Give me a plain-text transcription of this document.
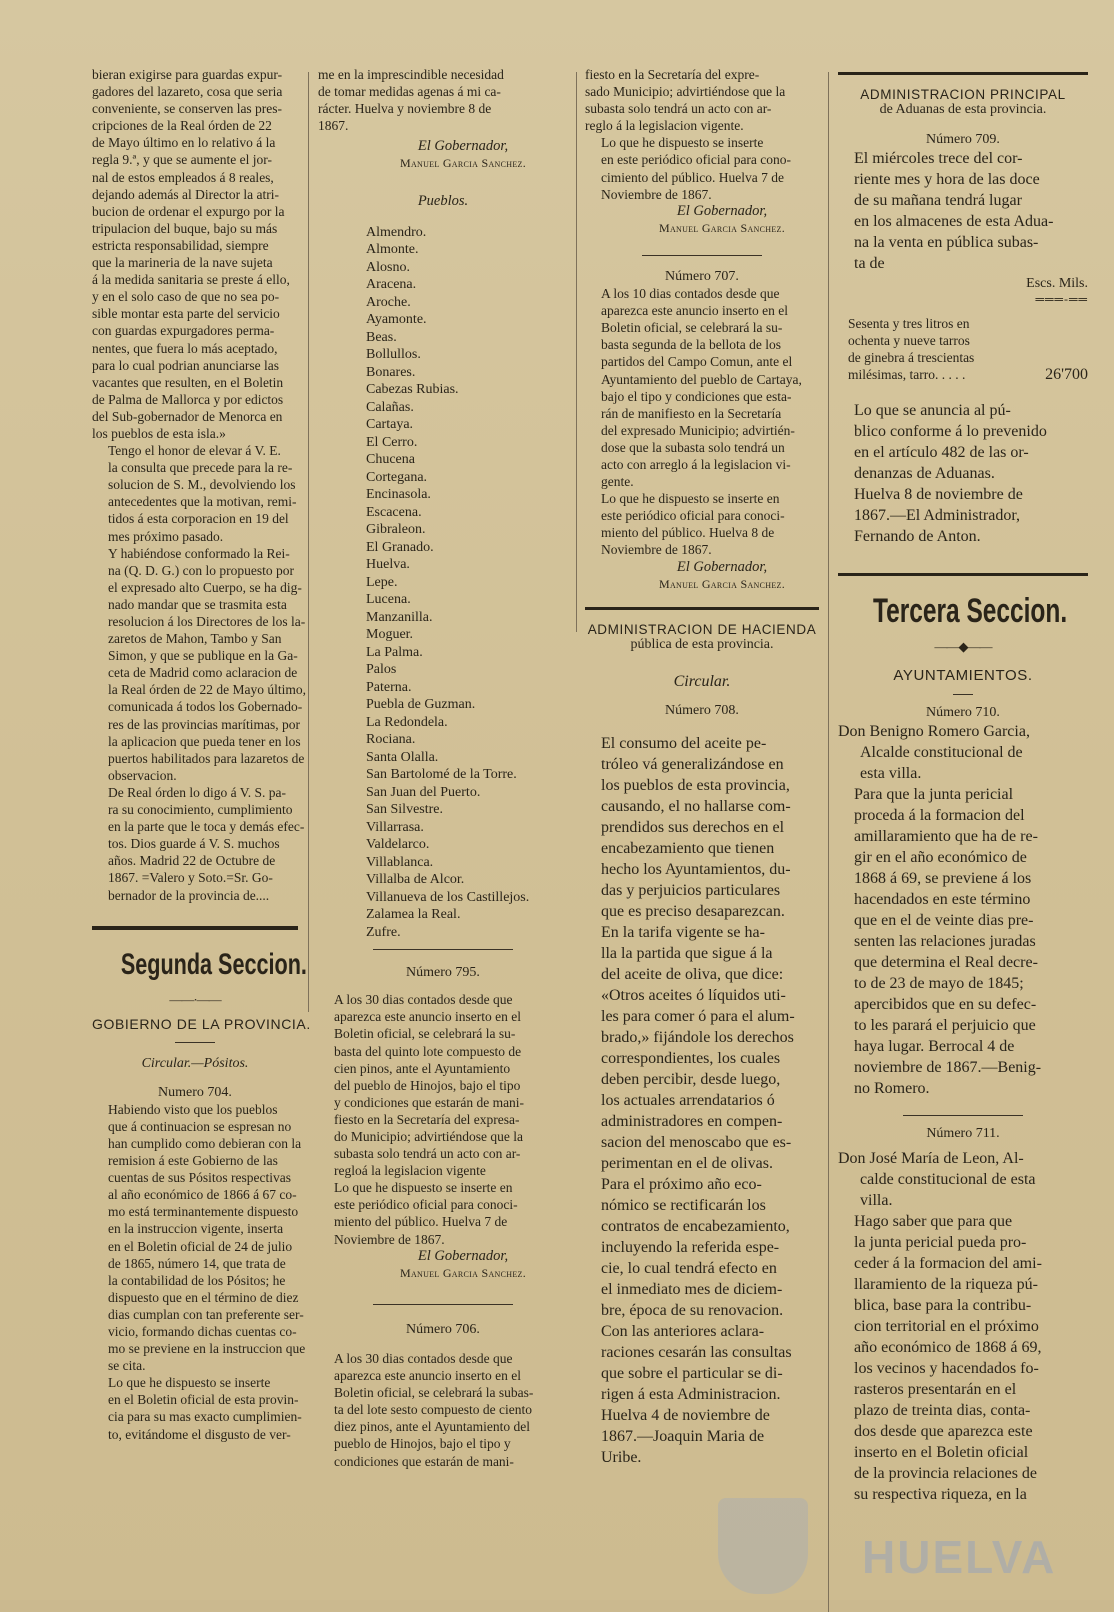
bieran exigirse para guardas expur-
gadores del lazareto, cosa que seria
conveniente, se conserven las pres-
cripciones de la Real órden de 22
de Mayo último en lo relativo á la
regla 9.ª, y que se aumente el jor-
nal de estos empleados á 8 reales,
dejando además al Director la atri-
bucion de ordenar el expurgo por la
tripulacion del buque, bajo su más
estricta responsabilidad, siempre
que la marineria de la nave sujeta
á la medida sanitaria se preste á ello,
y en el solo caso de que no sea po-
sible montar esta parte del servicio
con guardas expurgadores perma-
nentes, que fuera lo más aceptado,
para lo cual podrian anunciarse las
vacantes que resulten, en el Boletin
de Palma de Mallorca y por edictos
del Sub-gobernador de Menorca en
los pueblos de esta isla.»

Tengo el honor de elevar á V. E.
la consulta que precede para la re-
solucion de S. M., devolviendo los
antecedentes que la motivan, remi-
tidos á esta corporacion en 19 del
mes próximo pasado.

Y habiéndose conformado la Rei-
na (Q. D. G.) con lo propuesto por
el expresado alto Cuerpo, se ha dig-
nado mandar que se trasmita esta
resolucion á los Directores de los la-
zaretos de Mahon, Tambo y San
Simon, y que se publique en la Ga-
ceta de Madrid como aclaracion de
la Real órden de 22 de Mayo último,
comunicada á todos los Gobernado-
res de las provincias marítimas, por
la aplicacion que pueda tener en los
puertos habilitados para lazaretos de
observacion.

De Real órden lo digo á V. S. pa-
ra su conocimiento, cumplimiento
en la parte que le toca y demás efec-
tos. Dios guarde á V. S. muchos
años. Madrid 22 de Octubre de
1867. =Valero y Soto.=Sr. Go-
bernador de la provincia de....

Segunda Seccion.
——·——
GOBIERNO DE LA PROVINCIA.

Circular.—Pósitos.

Numero 704.

Habiendo visto que los pueblos
que á continuacion se espresan no
han cumplido como debieran con la
remision á este Gobierno de las
cuentas de sus Pósitos respectivas
al año económico de 1866 á 67 co-
mo está terminantemente dispuesto
en la instruccion vigente, inserta
en el Boletin oficial de 24 de julio
de 1865, número 14, que trata de
la contabilidad de los Pósitos; he
dispuesto que en el término de diez
dias cumplan con tan preferente ser-
vicio, formando dichas cuentas co-
mo se previene en la instruccion que
se cita.

Lo que he dispuesto se inserte
en el Boletin oficial de esta provin-
cia para su mas exacto cumplimien-
to, evitándome el disgusto de ver-

me en la imprescindible necesidad
de tomar medidas agenas á mi ca-
rácter. Huelva y noviembre 8 de
1867.

El Gobernador,

Manuel Garcia Sanchez.

Pueblos.

Almendro.
Almonte.
Alosno.
Aracena.
Aroche.
Ayamonte.
Beas.
Bollullos.
Bonares.
Cabezas Rubias.
Calañas.
Cartaya.
El Cerro.
Chucena
Cortegana.
Encinasola.
Escacena.
Gibraleon.
El Granado.
Huelva.
Lepe.
Lucena.
Manzanilla.
Moguer.
La Palma.
Palos
Paterna.
Puebla de Guzman.
La Redondela.
Rociana.
Santa Olalla.
San Bartolomé de la Torre.
San Juan del Puerto.
San Silvestre.
Villarrasa.
Valdelarco.
Villablanca.
Villalba de Alcor.
Villanueva de los Castillejos.
Zalamea la Real.
Zufre.

Número 795.

A los 30 dias contados desde que
aparezca este anuncio inserto en el
Boletin oficial, se celebrará la su-
basta del quinto lote compuesto de
cien pinos, ante el Ayuntamiento
del pueblo de Hinojos, bajo el tipo
y condiciones que estarán de mani-
fiesto en la Secretaría del expresa-
do Municipio; advirtiéndose que la
subasta solo tendrá un acto con ar-
regloá la legislacion vigente

Lo que he dispuesto se inserte en
este periódico oficial para conoci-
miento del público. Huelva 7 de
Noviembre de 1867.

El Gobernador,

Manuel Garcia Sanchez.

Número 706.

A los 30 dias contados desde que
aparezca este anuncio inserto en el
Boletin oficial, se celebrará la subas-
ta del lote sesto compuesto de ciento
diez pinos, ante el Ayuntamiento del
pueblo de Hinojos, bajo el tipo y
condiciones que estarán de mani-

fiesto en la Secretaría del expre-
sado Municipio; advirtiéndose que la
subasta solo tendrá un acto con ar-
reglo á la legislacion vigente.

Lo que he dispuesto se inserte
en este periódico oficial para cono-
cimiento del público. Huelva 7 de
Noviembre de 1867.

El Gobernador,

Manuel Garcia Sanchez.

Número 707.

A los 10 dias contados desde que
aparezca este anuncio inserto en el
Boletin oficial, se celebrará la su-
basta segunda de la bellota de los
partidos del Campo Comun, ante el
Ayuntamiento del pueblo de Cartaya,
bajo el tipo y condiciones que esta-
rán de manifiesto en la Secretaría
del expresado Municipio; advirtién-
dose que la subasta solo tendrá un
acto con arreglo á la legislacion vi-
gente.

Lo que he dispuesto se inserte en
este periódico oficial para conoci-
miento del público. Huelva 8 de
Noviembre de 1867.

El Gobernador,

Manuel Garcia Sanchez.

ADMINISTRACION DE HACIENDA

pública de esta provincia.

Circular.

Número 708.

El consumo del aceite pe-
tróleo vá generalizándose en
los pueblos de esta provincia,
causando, el no hallarse com-
prendidos sus derechos en el
encabezamiento que tienen
hecho los Ayuntamientos, du-
das y perjuicios particulares
que es preciso desaparezcan.

En la tarifa vigente se ha-
lla la partida que sigue á la
del aceite de oliva, que dice:
«Otros aceites ó líquidos uti-
les para comer ó para el alum-
brado,» fijándole los derechos
correspondientes, los cuales
deben percibir, desde luego,
los actuales arrendatarios ó
administradores en compen-
sacion del menoscabo que es-
perimentan en el de olivas.

Para el próximo año eco-
nómico se rectificarán los
contratos de encabezamiento,
incluyendo la referida espe-
cie, lo cual tendrá efecto en
el inmediato mes de diciem-
bre, época de su renovacion.

Con las anteriores aclara-
raciones cesarán las consultas
que sobre el particular se di-
rigen á esta Administracion.

Huelva 4 de noviembre de
1867.—Joaquin Maria de
Uribe.

ADMINISTRACION PRINCIPAL

de Aduanas de esta provincia.

Número 709.

El miércoles trece del cor-
riente mes y hora de las doce
de su mañana tendrá lugar
en los almacenes de esta Adua-
na la venta en pública subas-
ta de

Escs. Mils.

═══‑══
Sesenta y tres litros en
ochenta y nueve tarros
de ginebra á trescientas
milésimas, tarro. . . . .	26'700

Lo que se anuncia al pú-
blico conforme á lo prevenido
en el artículo 482 de las or-
denanzas de Aduanas.

Huelva 8 de noviembre de
1867.—El Administrador,
Fernando de Anton.

Tercera Seccion.
——◆——
AYUNTAMIENTOS.

Número 710.

Don Benigno Romero Garcia,
Alcalde constitucional de
esta villa.

Para que la junta pericial
proceda á la formacion del
amillaramiento que ha de re-
gir en el año económico de
1868 á 69, se previene á los
hacendados en este término
que en el de veinte dias pre-
senten las relaciones juradas
que determina el Real decre-
to de 23 de mayo de 1845;
apercibidos que en su defec-
to les parará el perjuicio que
haya lugar. Berrocal 4 de
noviembre de 1867.—Benig-
no Romero.

Número 711.

Don José María de Leon, Al-
calde constitucional de esta
villa.

Hago saber que para que
la junta pericial pueda pro-
ceder á la formacion del ami-
llaramiento de la riqueza pú-
blica, base para la contribu-
cion territorial en el próximo
año económico de 1868 á 69,
los vecinos y hacendados fo-
rasteros presentarán en el
plazo de treinta dias, conta-
dos desde que aparezca este
inserto en el Boletin oficial
de la provincia relaciones de
su respectiva riqueza, en la

HUELVA
